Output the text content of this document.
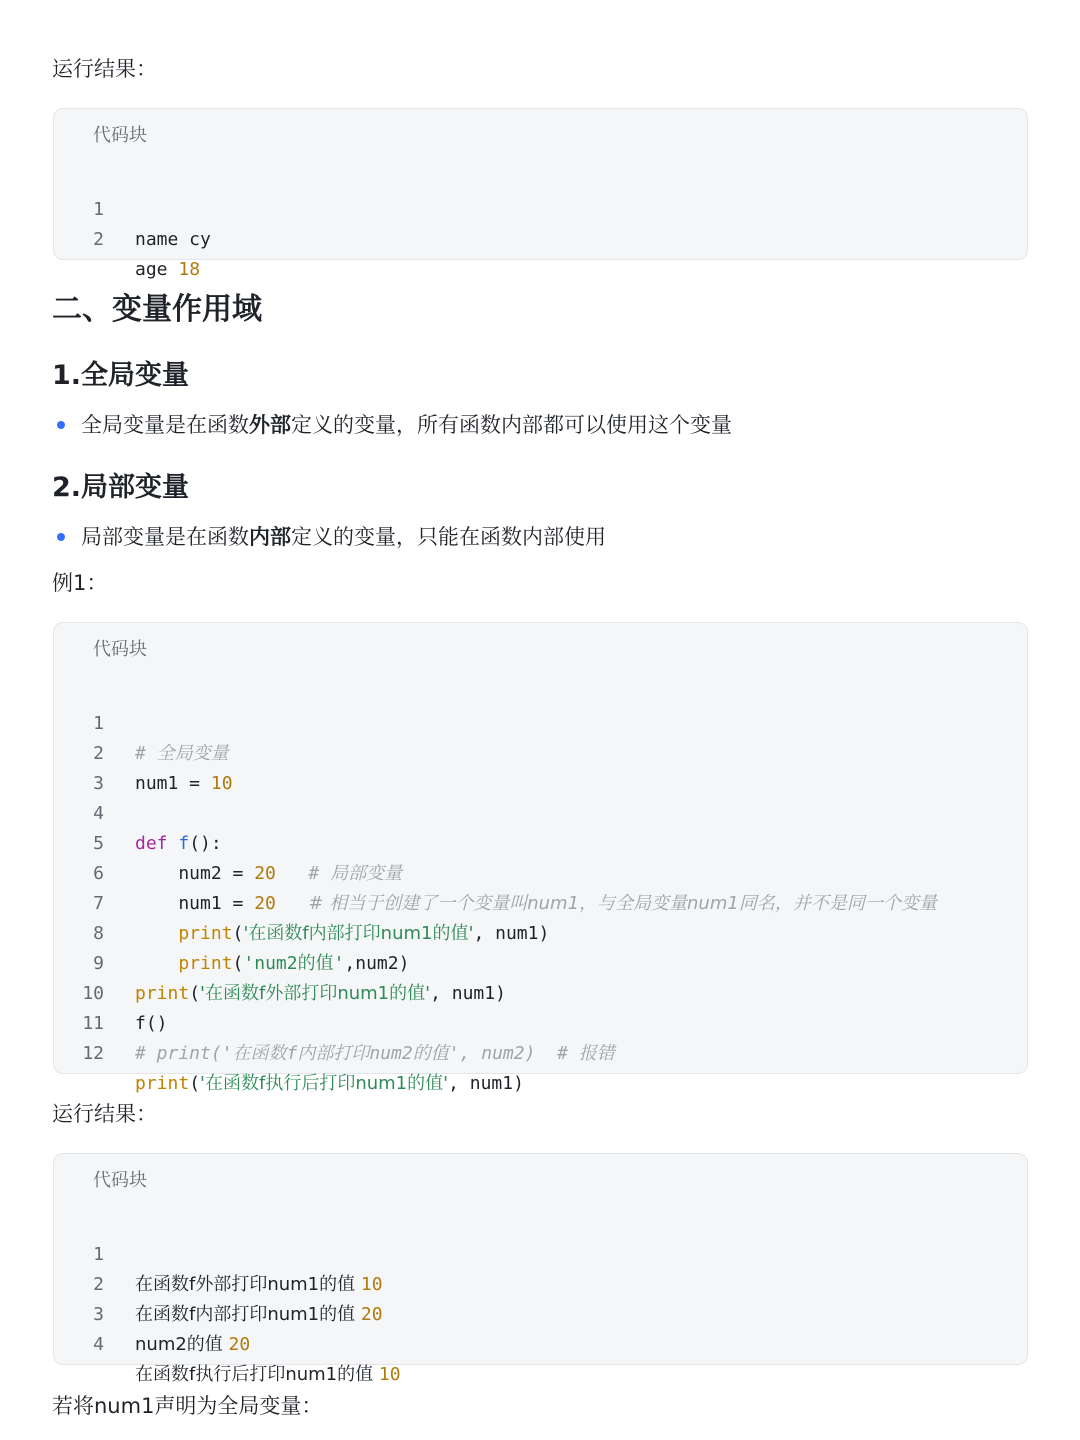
运行结果：
代码块

1

name cy

2

age 18

二、变量作用域
1.全局变量
全局变量是在函数外部定义的变量，所有函数内部都可以使用这个变量
2.局部变量
局部变量是在函数内部定义的变量，只能在函数内部使用
例1：
代码块

1

# 全局变量

2

num1 = 10

3

4

def f():

5

num2 = 20 # 局部变量

6

num1 = 20 # 相当于创建了一个变量叫num1，与全局变量num1同名，并不是同一个变量

7

print('在函数f内部打印num1的值', num1)

8

print('num2的值',num2)

9

print('在函数f外部打印num1的值', num1)

10

f()

11

# print('在函数f内部打印num2的值', num2)  # 报错

12

print('在函数f执行后打印num1的值', num1)

运行结果：
代码块

1

在函数f外部打印num1的值 10

2

在函数f内部打印num1的值 20

3

num2的值 20

4

在函数f执行后打印num1的值 10

若将num1声明为全局变量：
